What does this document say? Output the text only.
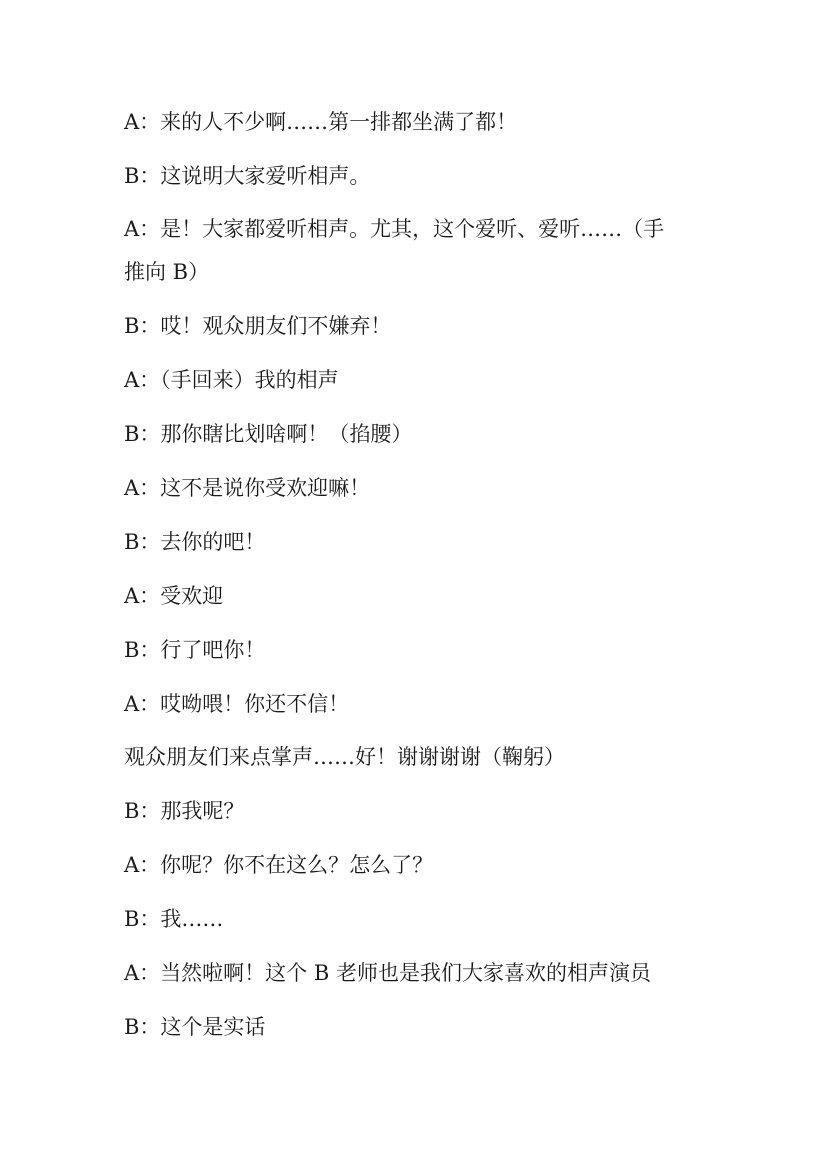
A：来的人不少啊……第一排都坐满了都！

B：这说明大家爱听相声。

A：是！大家都爱听相声。尤其，这个爱听、爱听……（手

推向 B）

B：哎！观众朋友们不嫌弃！

A：（手回来）我的相声

B：那你瞎比划啥啊！（掐腰）

A：这不是说你受欢迎嘛！

B：去你的吧！

A：受欢迎

B：行了吧你！

A：哎呦喂！你还不信！

观众朋友们来点掌声……好！谢谢谢谢（鞠躬）

B：那我呢？

A：你呢？你不在这么？怎么了？

B：我……

A：当然啦啊！这个 B 老师也是我们大家喜欢的相声演员

B：这个是实话
